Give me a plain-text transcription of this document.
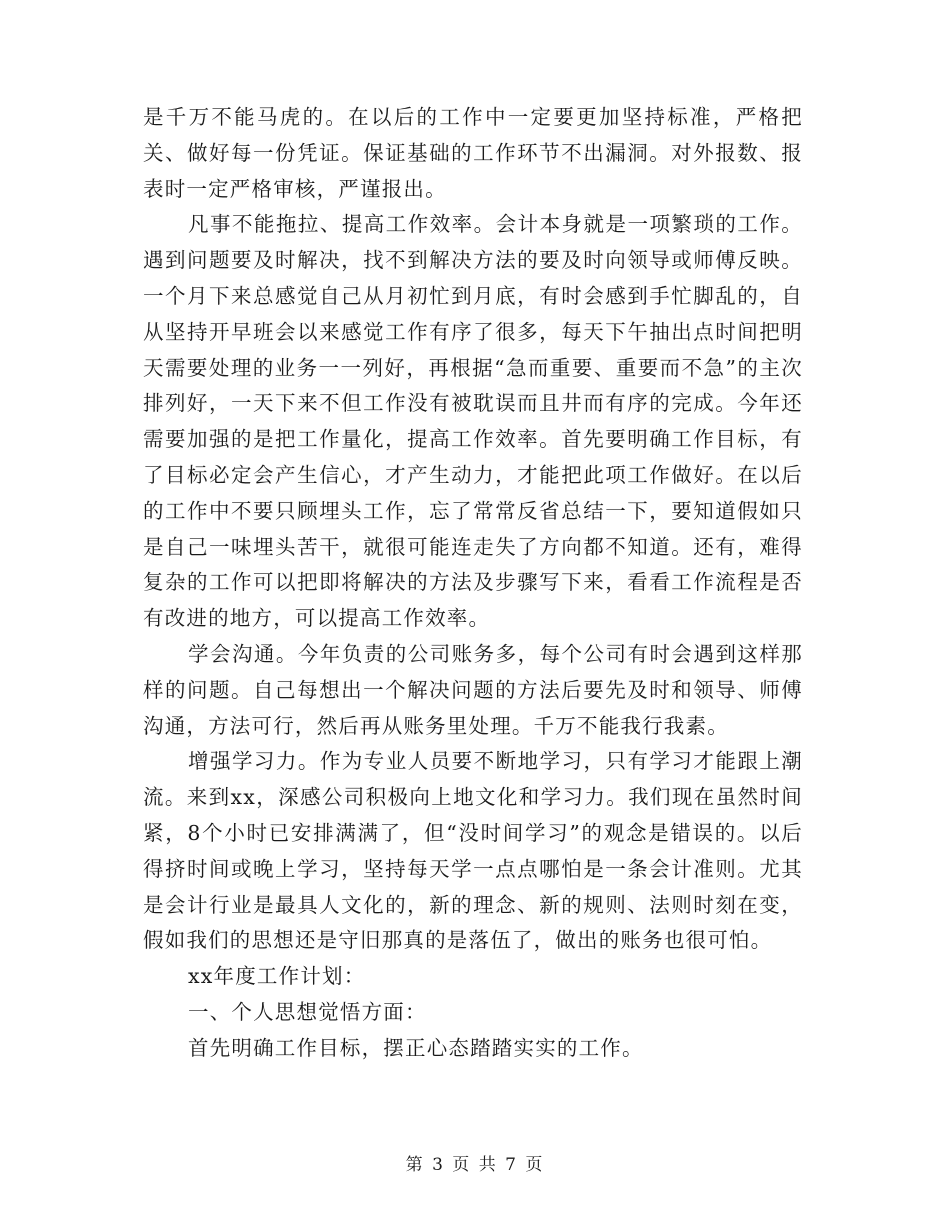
是千万不能马虎的。在以后的工作中一定要更加坚持标准，严格把关、做好每一份凭证。保证基础的工作环节不出漏洞。对外报数、报表时一定严格审核，严谨报出。

凡事不能拖拉、提高工作效率。会计本身就是一项繁琐的工作。遇到问题要及时解决，找不到解决方法的要及时向领导或师傅反映。一个月下来总感觉自己从月初忙到月底，有时会感到手忙脚乱的，自从坚持开早班会以来感觉工作有序了很多，每天下午抽出点时间把明天需要处理的业务一一列好，再根据“急而重要、重要而不急”的主次排列好，一天下来不但工作没有被耽误而且井而有序的完成。今年还需要加强的是把工作量化，提高工作效率。首先要明确工作目标，有了目标必定会产生信心，才产生动力，才能把此项工作做好。在以后的工作中不要只顾埋头工作，忘了常常反省总结一下，要知道假如只是自己一味埋头苦干，就很可能连走失了方向都不知道。还有，难得复杂的工作可以把即将解决的方法及步骤写下来，看看工作流程是否有改进的地方，可以提高工作效率。

学会沟通。今年负责的公司账务多，每个公司有时会遇到这样那样的问题。自己每想出一个解决问题的方法后要先及时和领导、师傅沟通，方法可行，然后再从账务里处理。千万不能我行我素。

增强学习力。作为专业人员要不断地学习，只有学习才能跟上潮流。来到xx，深感公司积极向上地文化和学习力。我们现在虽然时间紧，8个小时已安排满满了，但“没时间学习”的观念是错误的。以后得挤时间或晚上学习，坚持每天学一点点哪怕是一条会计准则。尤其是会计行业是最具人文化的，新的理念、新的规则、法则时刻在变，假如我们的思想还是守旧那真的是落伍了，做出的账务也很可怕。

xx年度工作计划：

一、个人思想觉悟方面：

首先明确工作目标，摆正心态踏踏实实的工作。

第 3 页 共 7 页
